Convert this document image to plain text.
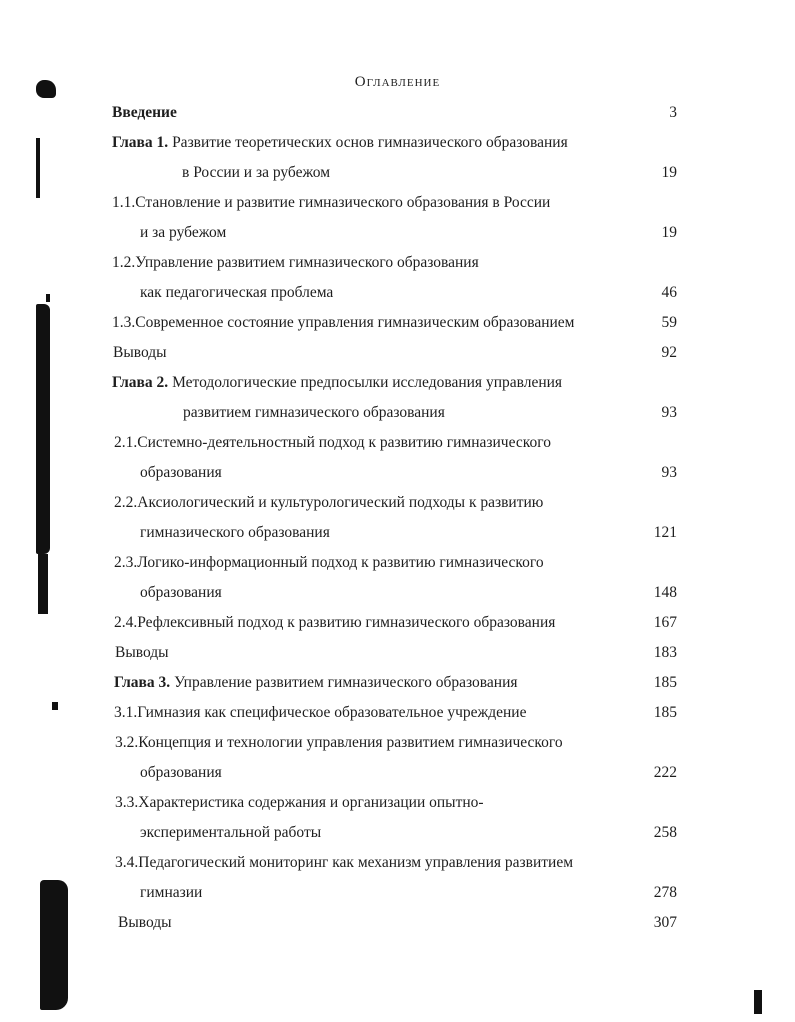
Оглавление
Введение	3
Глава 1. Развитие теоретических основ гимназического образования
в России и за рубежом	19
1.1.Становление и развитие гимназического образования в России
и за рубежом	19
1.2.Управление развитием гимназического образования
как педагогическая проблема	46
1.3.Современное состояние управления гимназическим образованием	59
Выводы	92
Глава 2. Методологические предпосылки исследования управления
развитием гимназического образования	93
2.1.Системно-деятельностный подход к развитию гимназического
образования	93
2.2.Аксиологический и культурологический подходы к развитию
гимназического образования	121
2.3.Логико-информационный подход к развитию гимназического
образования	148
2.4.Рефлексивный подход к развитию гимназического образования	167
Выводы	183
Глава 3. Управление развитием гимназического образования	185
3.1.Гимназия как специфическое образовательное учреждение	185
3.2.Концепция и технологии управления развитием гимназического
образования	222
3.3.Характеристика содержания и организации опытно-
экспериментальной работы	258
3.4.Педагогический мониторинг как механизм управления развитием
гимназии	278
Выводы	307
